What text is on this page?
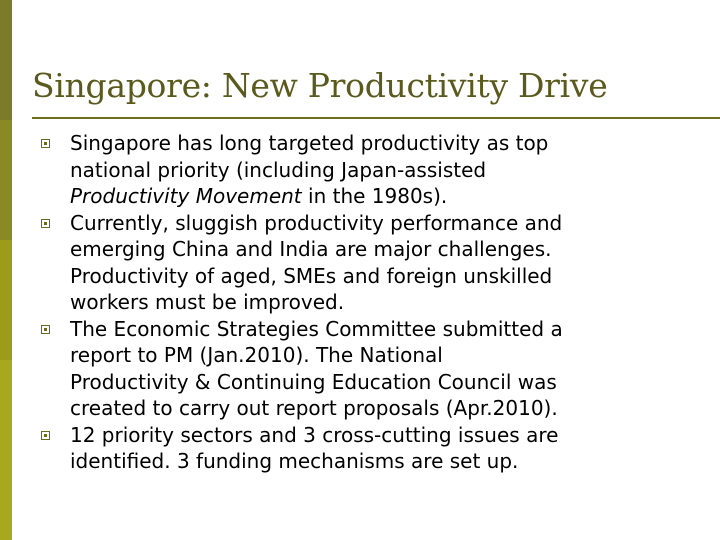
Singapore: New Productivity Drive
Singapore has long targeted productivity as top
national priority (including Japan-assisted
Productivity Movement in the 1980s).
Currently, sluggish productivity performance and
emerging China and India are major challenges.
Productivity of aged, SMEs and foreign unskilled
workers must be improved.
The Economic Strategies Committee submitted a
report to PM (Jan.2010). The National
Productivity & Continuing Education Council was
created to carry out report proposals (Apr.2010).
12 priority sectors and 3 cross-cutting issues are
identified. 3 funding mechanisms are set up.
